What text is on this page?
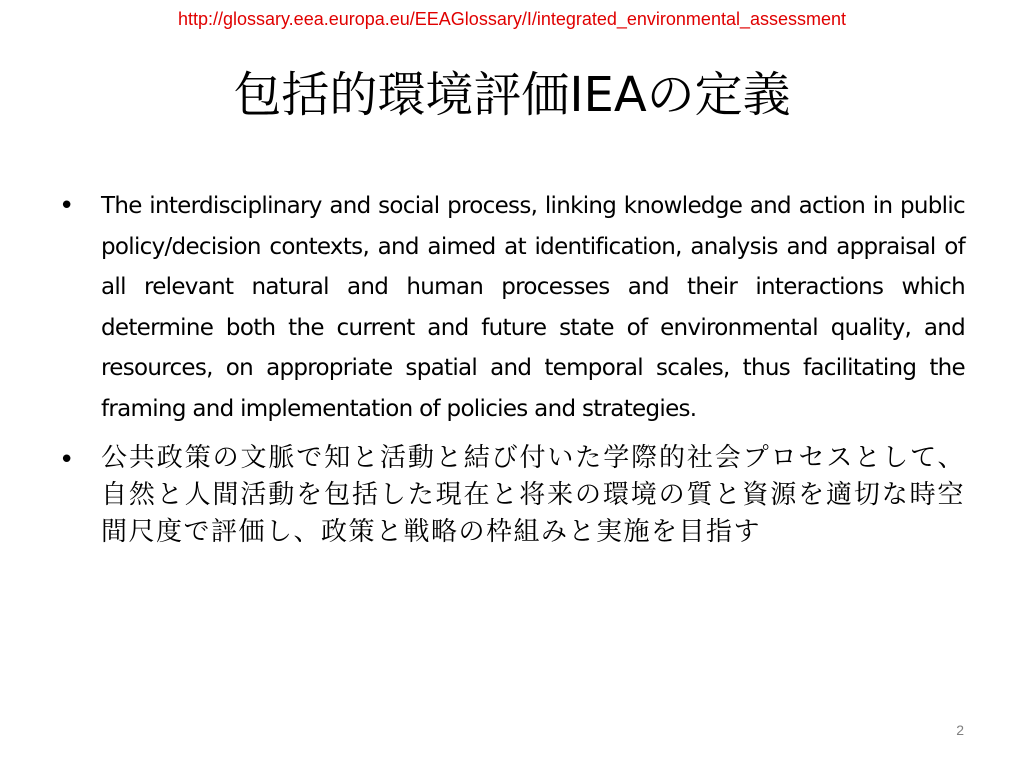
http://glossary.eea.europa.eu/EEAGlossary/I/integrated_environmental_assessment
包括的環境評価IEAの定義
• The interdisciplinary and social process, linking knowledge and action in public policy/decision contexts, and aimed at identification, analysis and appraisal of all relevant natural and human processes and their interactions which determine both the current and future state of environmental quality, and resources, on appropriate spatial and temporal scales, thus facilitating the framing and implementation of policies and strategies.
• 公共政策の文脈で知と活動と結び付いた学際的社会プロセスとして、自然と人間活動を包括した現在と将来の環境の質と資源を適切な時空間尺度で評価し、政策と戦略の枠組みと実施を目指す
2
